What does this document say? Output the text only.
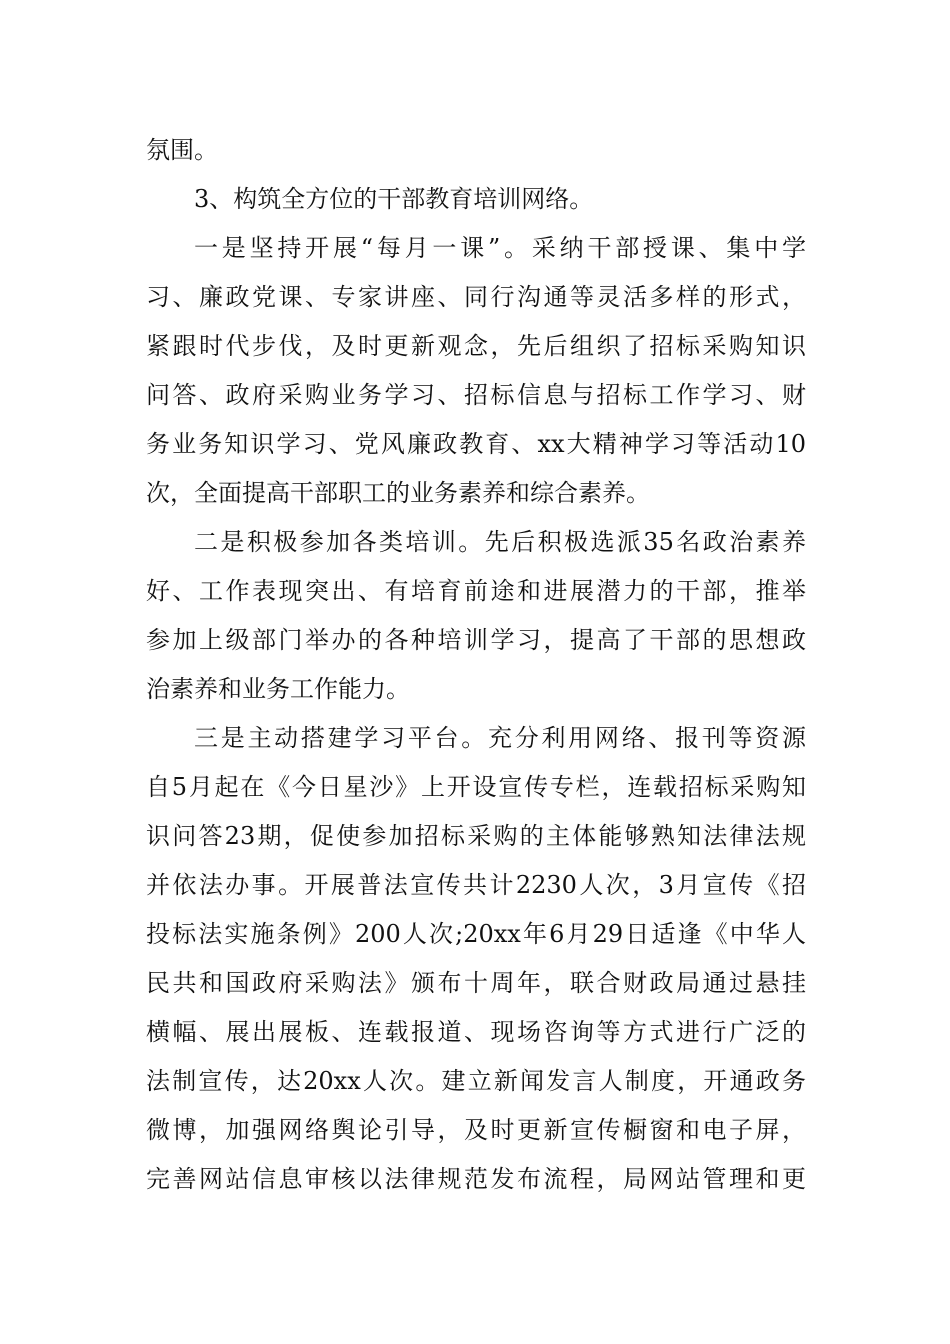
氛围。
3、构筑全方位的干部教育培训网络。
一是坚持开展“每月一课”。采纳干部授课、集中学
习、廉政党课、专家讲座、同行沟通等灵活多样的形式，
紧跟时代步伐，及时更新观念，先后组织了招标采购知识
问答、政府采购业务学习、招标信息与招标工作学习、财
务业务知识学习、党风廉政教育、xx大精神学习等活动10
次，全面提高干部职工的业务素养和综合素养。
二是积极参加各类培训。先后积极选派35名政治素养
好、工作表现突出、有培育前途和进展潜力的干部，推举
参加上级部门举办的各种培训学习，提高了干部的思想政
治素养和业务工作能力。
三是主动搭建学习平台。充分利用网络、报刊等资源
自5月起在《今日星沙》上开设宣传专栏，连载招标采购知
识问答23期，促使参加招标采购的主体能够熟知法律法规
并依法办事。开展普法宣传共计2230人次，3月宣传《招
投标法实施条例》200人次;20xx年6月29日适逢《中华人
民共和国政府采购法》颁布十周年，联合财政局通过悬挂
横幅、展出展板、连载报道、现场咨询等方式进行广泛的
法制宣传，达20xx人次。建立新闻发言人制度，开通政务
微博，加强网络舆论引导，及时更新宣传橱窗和电子屏，
完善网站信息审核以法律规范发布流程，局网站管理和更
